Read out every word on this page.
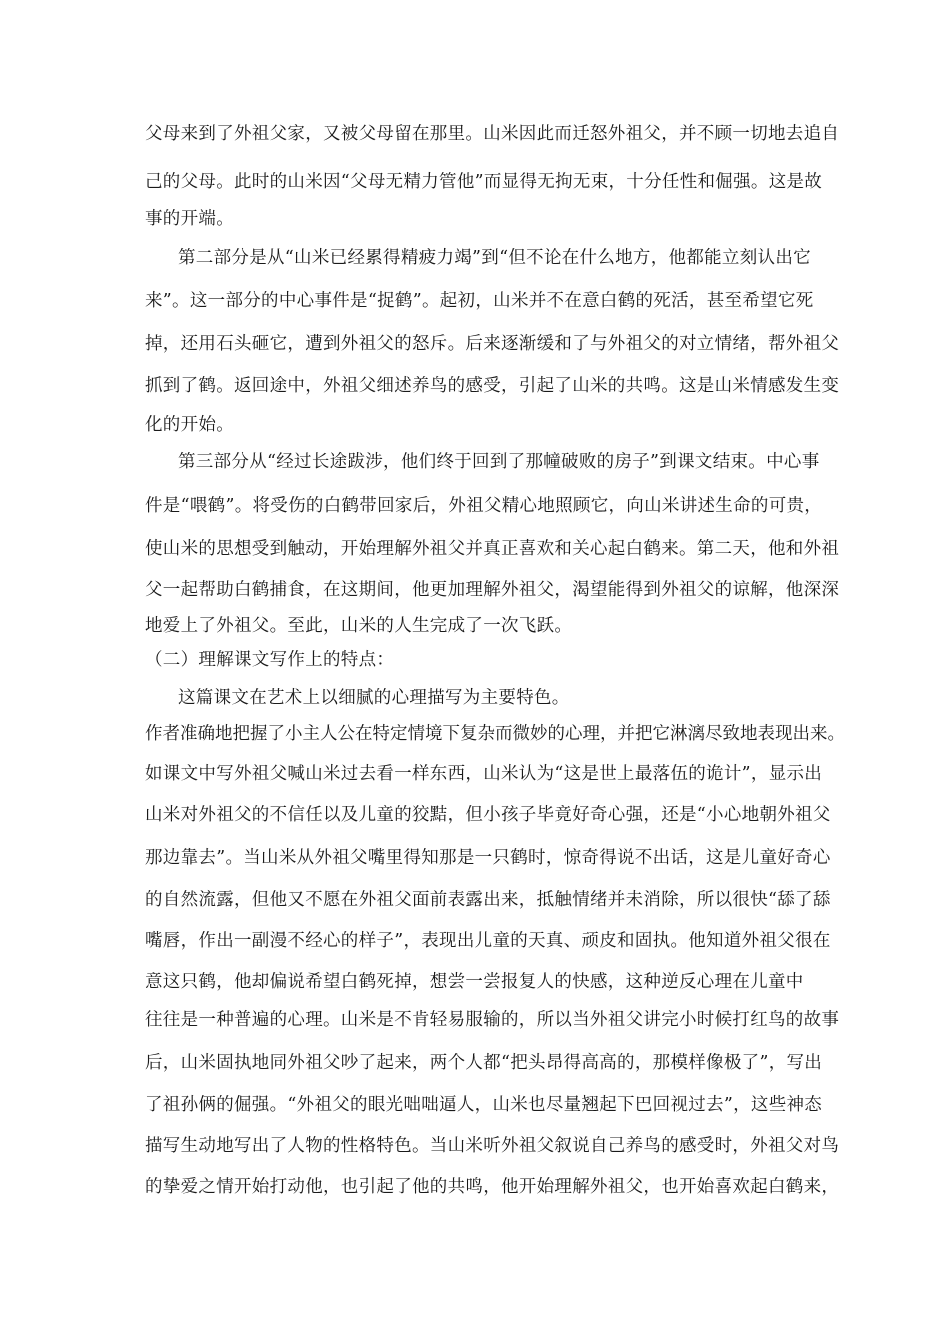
父母来到了外祖父家，又被父母留在那里。山米因此而迁怒外祖父，并不顾一切地去追自
己的父母。此时的山米因“父母无精力管他”而显得无拘无束，十分任性和倔强。这是故
事的开端。
第二部分是从“山米已经累得精疲力竭”到“但不论在什么地方，他都能立刻认出它
来”。这一部分的中心事件是“捉鹤”。起初，山米并不在意白鹤的死活，甚至希望它死
掉，还用石头砸它，遭到外祖父的怒斥。后来逐渐缓和了与外祖父的对立情绪，帮外祖父
抓到了鹤。返回途中，外祖父细述养鸟的感受，引起了山米的共鸣。这是山米情感发生变
化的开始。
第三部分从“经过长途跋涉，他们终于回到了那幢破败的房子”到课文结束。中心事
件是“喂鹤”。将受伤的白鹤带回家后，外祖父精心地照顾它，向山米讲述生命的可贵，
使山米的思想受到触动，开始理解外祖父并真正喜欢和关心起白鹤来。第二天，他和外祖
父一起帮助白鹤捕食，在这期间，他更加理解外祖父，渴望能得到外祖父的谅解，他深深
地爱上了外祖父。至此，山米的人生完成了一次飞跃。
（二）理解课文写作上的特点：
这篇课文在艺术上以细腻的心理描写为主要特色。
作者准确地把握了小主人公在特定情境下复杂而微妙的心理，并把它淋漓尽致地表现出来。
如课文中写外祖父喊山米过去看一样东西，山米认为“这是世上最落伍的诡计”，显示出
山米对外祖父的不信任以及儿童的狡黠，但小孩子毕竟好奇心强，还是“小心地朝外祖父
那边靠去”。当山米从外祖父嘴里得知那是一只鹤时，惊奇得说不出话，这是儿童好奇心
的自然流露，但他又不愿在外祖父面前表露出来，抵触情绪并未消除，所以很快“舔了舔
嘴唇，作出一副漫不经心的样子”，表现出儿童的天真、顽皮和固执。他知道外祖父很在
意这只鹤，他却偏说希望白鹤死掉，想尝一尝报复人的快感，这种逆反心理在儿童中
往往是一种普遍的心理。山米是不肯轻易服输的，所以当外祖父讲完小时候打红鸟的故事
后，山米固执地同外祖父吵了起来，两个人都“把头昂得高高的，那模样像极了”，写出
了祖孙俩的倔强。“外祖父的眼光咄咄逼人，山米也尽量翘起下巴回视过去”，这些神态
描写生动地写出了人物的性格特色。当山米听外祖父叙说自己养鸟的感受时，外祖父对鸟
的挚爱之情开始打动他，也引起了他的共鸣，他开始理解外祖父，也开始喜欢起白鹤来，
